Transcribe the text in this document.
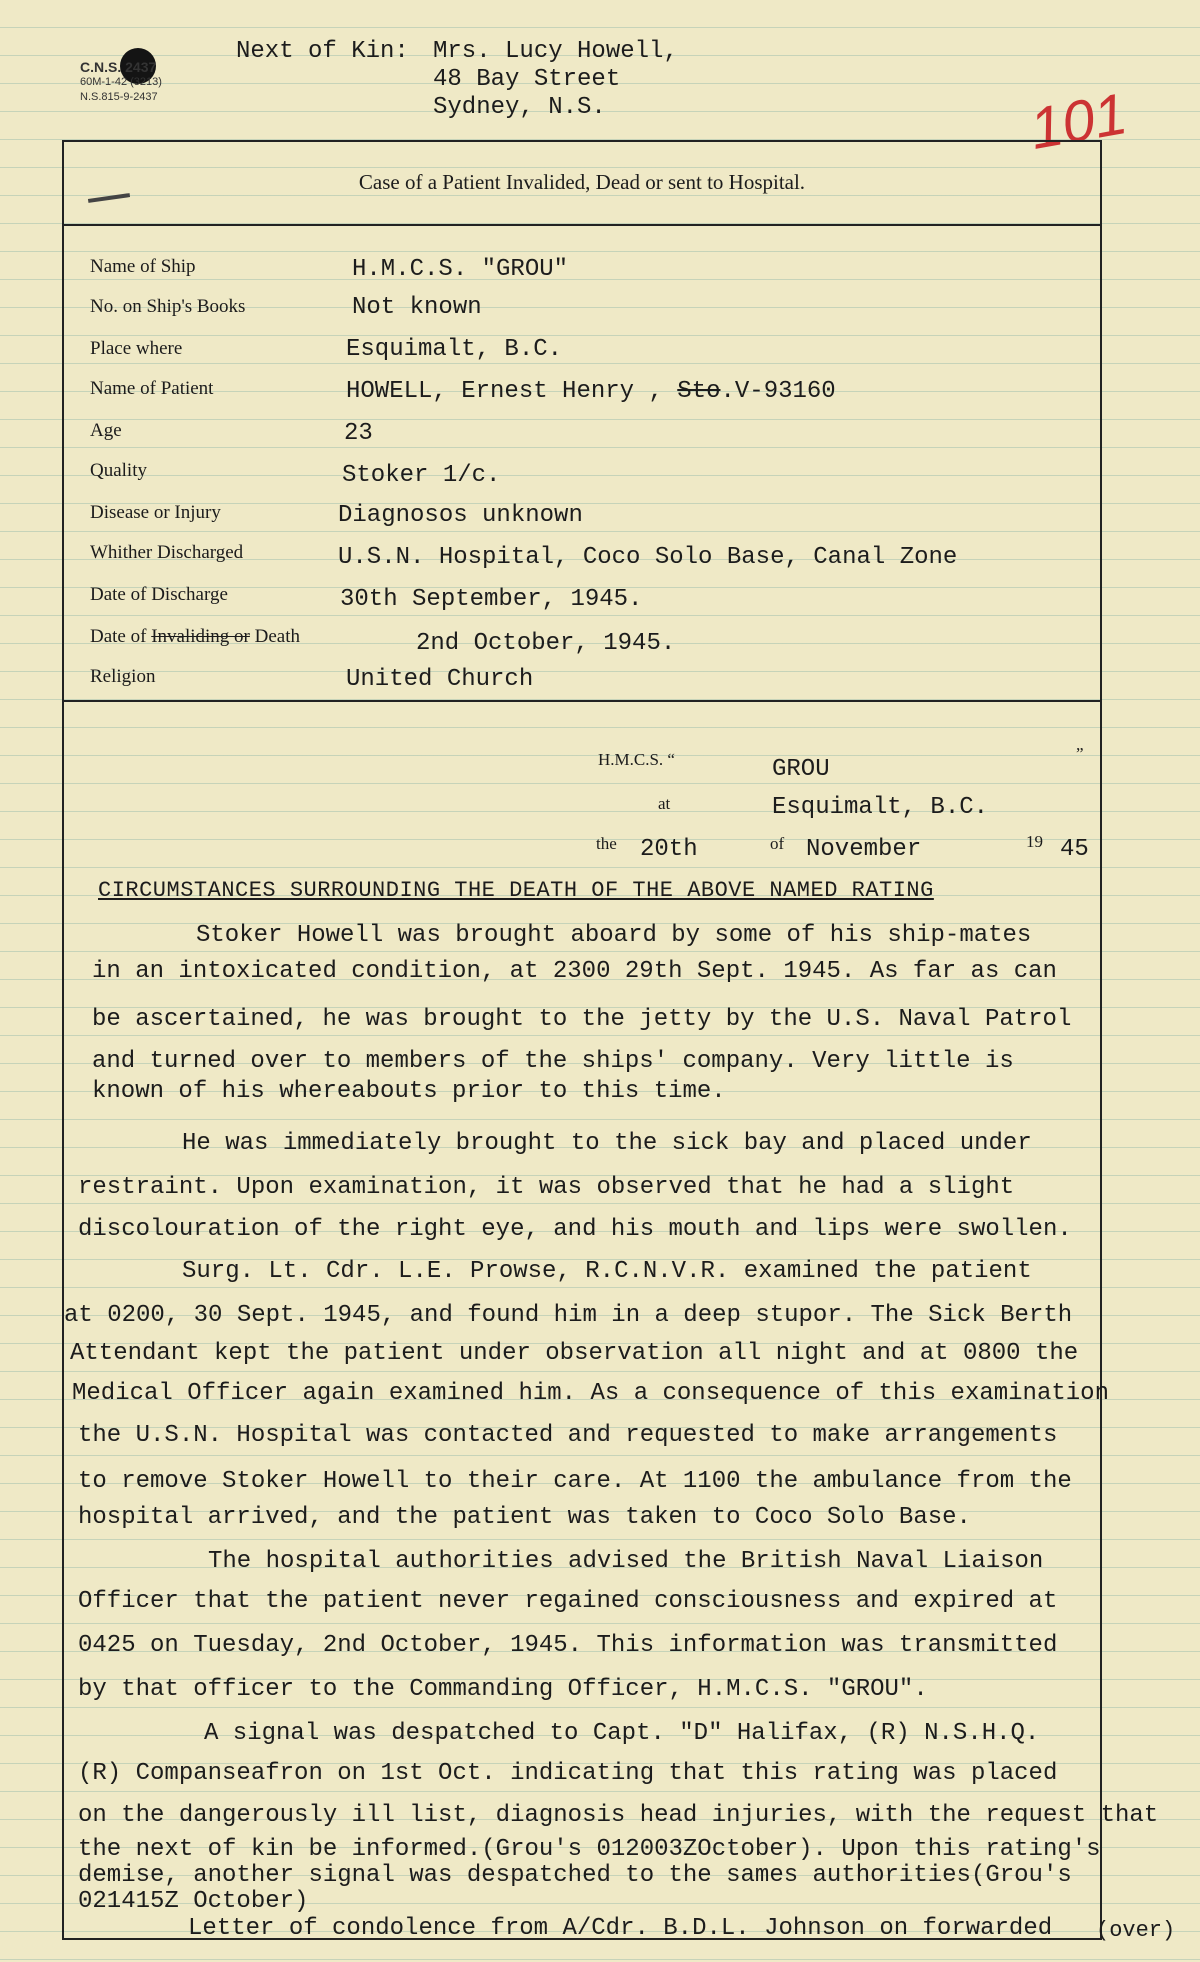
C.N.S. 2437
60M-1-42 (3213)
N.S.815-9-2437
Next of Kin: Mrs. Lucy Howell,
48 Bay Street
Sydney, N.S.	101
Case of a Patient Invalided, Dead or sent to Hospital.
Name of Ship	H.M.C.S. "GROU"
No. on Ship's Books	Not known
Place where	Esquimalt, B.C.
Name of Patient	HOWELL, Ernest Henry , Sto.V-93160
Age	23
Quality	Stoker 1/c.
Disease or Injury	Diagnosos unknown
Whither Discharged	U.S.N. Hospital, Coco Solo Base, Canal Zone
Date of Discharge	30th September, 1945.
Date of Invaliding or Death	2nd October, 1945.
Religion	United Church
H.M.C.S. “	GROU
”
at	Esquimalt, B.C.
the 20th	of November	19 45
CIRCUMSTANCES SURROUNDING THE DEATH OF THE ABOVE NAMED RATING
Stoker Howell was brought aboard by some of his ship-mates
in an intoxicated condition, at 2300 29th Sept. 1945. As far as can
be ascertained, he was brought to the jetty by the U.S. Naval Patrol
and turned over to members of the ships' company. Very little is
known of his whereabouts prior to this time.
He was immediately brought to the sick bay and placed under
restraint. Upon examination, it was observed that he had a slight
discolouration of the right eye, and his mouth and lips were swollen.
Surg. Lt. Cdr. L.E. Prowse, R.C.N.V.R. examined the patient
at 0200, 30 Sept. 1945, and found him in a deep stupor. The Sick Berth
Attendant kept the patient under observation all night and at 0800 the
Medical Officer again examined him. As a consequence of this examination
the U.S.N. Hospital was contacted and requested to make arrangements
to remove Stoker Howell to their care. At 1100 the ambulance from the
hospital arrived, and the patient was taken to Coco Solo Base.
The hospital authorities advised the British Naval Liaison
Officer that the patient never regained consciousness and expired at
0425 on Tuesday, 2nd October, 1945. This information was transmitted
by that officer to the Commanding Officer, H.M.C.S. "GROU".
A signal was despatched to Capt. "D" Halifax, (R) N.S.H.Q.
(R) Companseafron on 1st Oct. indicating that this rating was placed
on the dangerously ill list, diagnosis head injuries, with the request that
the next of kin be informed.(Grou's 012003ZOctober). Upon this rating's
demise, another signal was despatched to the sames authorities(Grou's
021415Z October)
Letter of condolence from A/Cdr. B.D.L. Johnson on forwarded (over)
